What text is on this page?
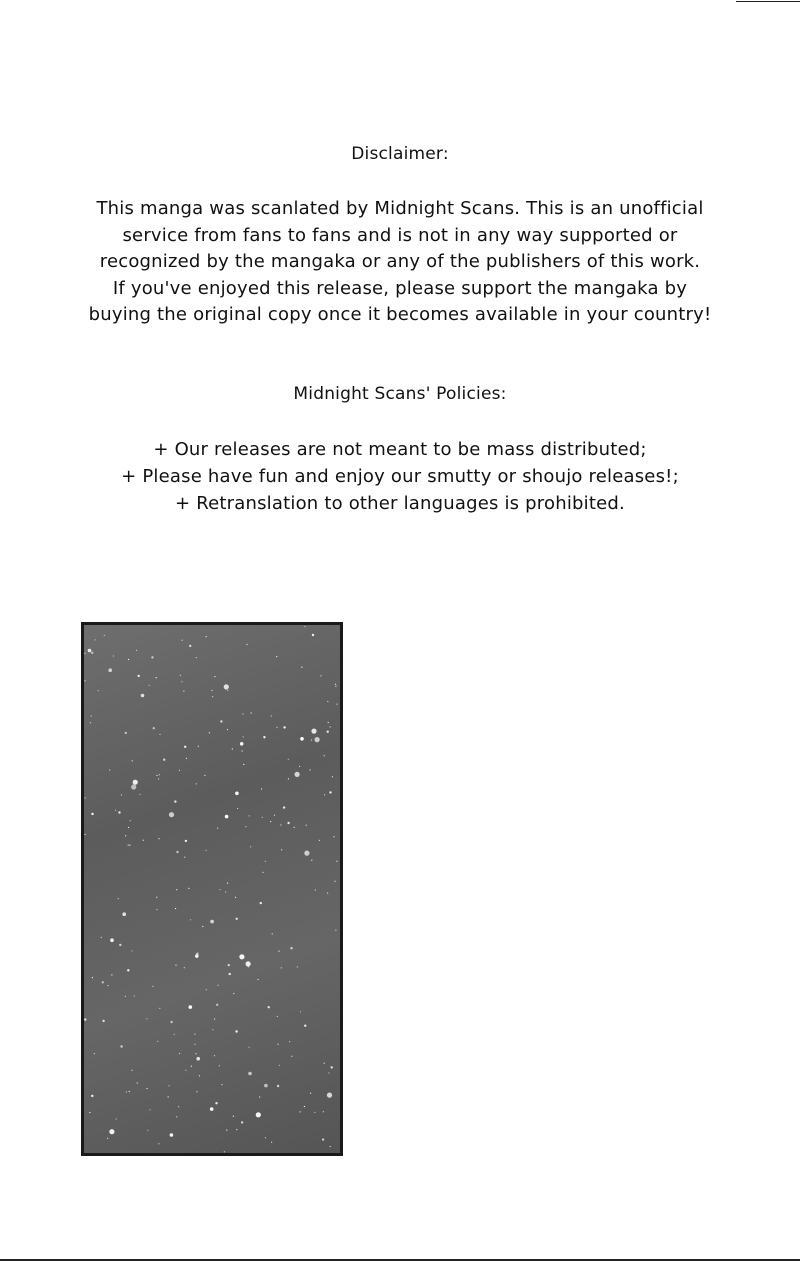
Disclaimer:
This manga was scanlated by Midnight Scans. This is an unofficial
service from fans to fans and is not in any way supported or
recognized by the mangaka or any of the publishers of this work.
If you've enjoyed this release, please support the mangaka by
buying the original copy once it becomes available in your country!
Midnight Scans' Policies:
+ Our releases are not meant to be mass distributed;
+ Please have fun and enjoy our smutty or shoujo releases!;
+ Retranslation to other languages is prohibited.
